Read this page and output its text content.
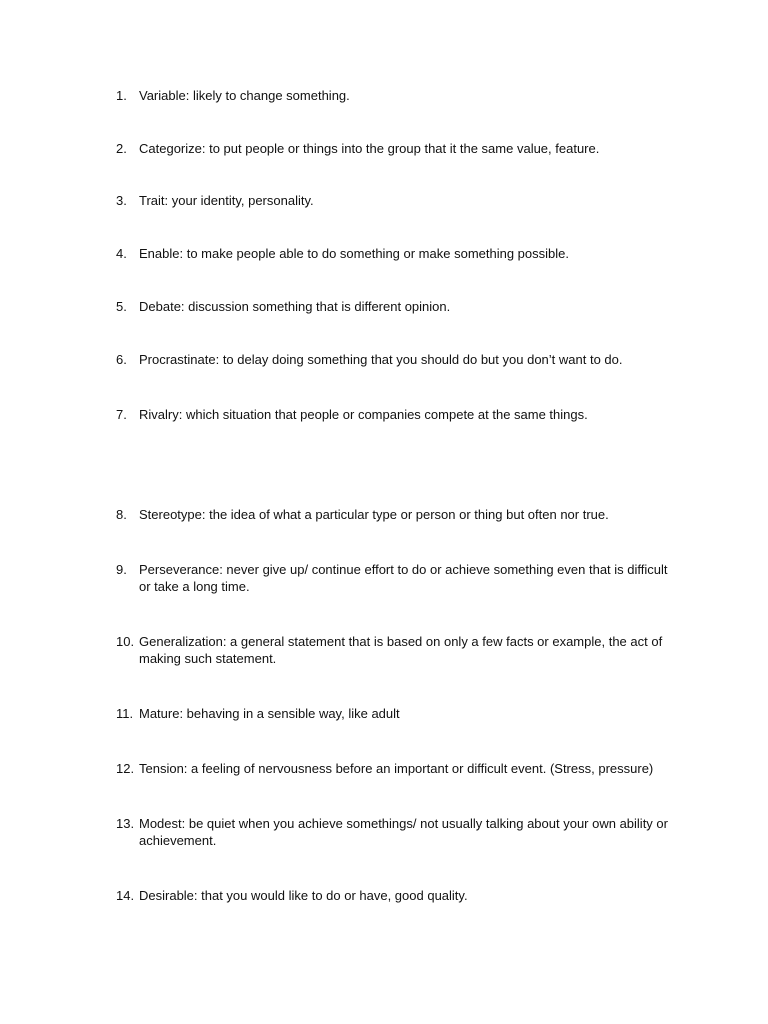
1. Variable: likely to change something.
2. Categorize: to put people or things into the group that it the same value, feature.
3. Trait: your identity, personality.
4. Enable: to make people able to do something or make something possible.
5. Debate: discussion something that is different opinion.
6. Procrastinate: to delay doing something that you should do but you don’t want to do.
7. Rivalry: which situation that people or companies compete at the same things.
8. Stereotype: the idea of what a particular type or person or thing but often nor true.
9. Perseverance: never give up/ continue effort to do or achieve something even that is difficult or take a long time.
10. Generalization: a general statement that is based on only a few facts or example, the act of making such statement.
11. Mature: behaving in a sensible way, like adult
12. Tension: a feeling of nervousness before an important or difficult event. (Stress, pressure)
13. Modest: be quiet when you achieve somethings/ not usually talking about your own ability or achievement.
14. Desirable: that you would like to do or have, good quality.
